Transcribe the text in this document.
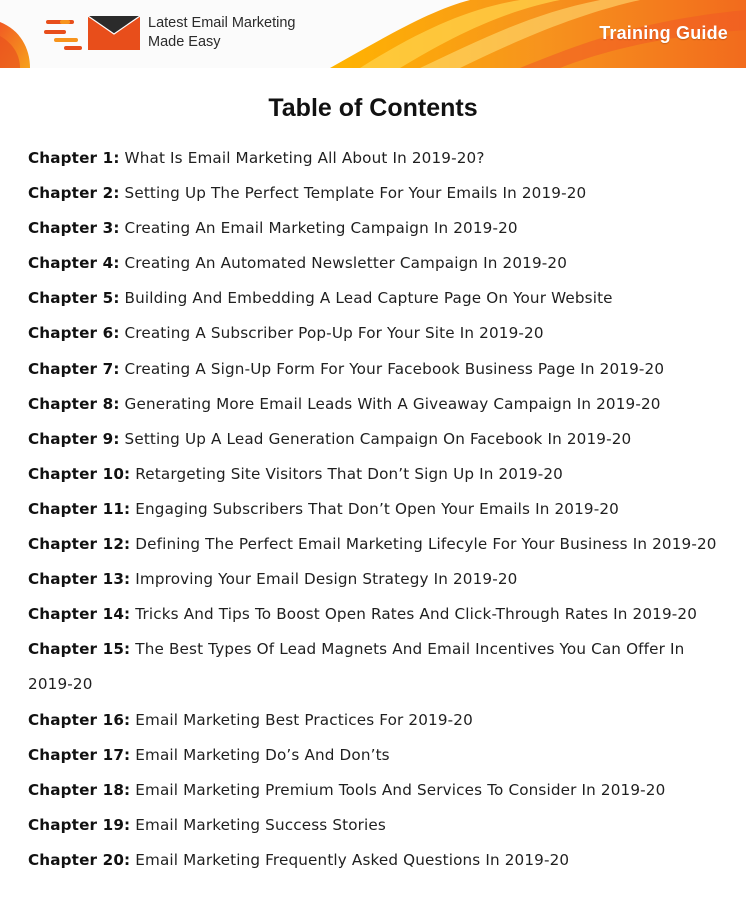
Latest Email Marketing
Made Easy	Training Guide
Table of Contents
Chapter 1: What Is Email Marketing All About In 2019-20?
Chapter 2: Setting Up The Perfect Template For Your Emails In 2019-20
Chapter 3: Creating An Email Marketing Campaign In 2019-20
Chapter 4: Creating An Automated Newsletter Campaign In 2019-20
Chapter 5: Building And Embedding A Lead Capture Page On Your Website
Chapter 6: Creating A Subscriber Pop-Up For Your Site In 2019-20
Chapter 7: Creating A Sign-Up Form For Your Facebook Business Page In 2019-20
Chapter 8: Generating More Email Leads With A Giveaway Campaign In 2019-20
Chapter 9: Setting Up A Lead Generation Campaign On Facebook In 2019-20
Chapter 10: Retargeting Site Visitors That Don’t Sign Up In 2019-20
Chapter 11: Engaging Subscribers That Don’t Open Your Emails In 2019-20
Chapter 12: Defining The Perfect Email Marketing Lifecyle For Your Business In 2019-20
Chapter 13: Improving Your Email Design Strategy In 2019-20
Chapter 14: Tricks And Tips To Boost Open Rates And Click-Through Rates In 2019-20
Chapter 15: The Best Types Of Lead Magnets And Email Incentives You Can Offer In 2019-20
Chapter 16: Email Marketing Best Practices For 2019-20
Chapter 17: Email Marketing Do’s And Don’ts
Chapter 18: Email Marketing Premium Tools And Services To Consider In 2019-20
Chapter 19: Email Marketing Success Stories
Chapter 20: Email Marketing Frequently Asked Questions In 2019-20
